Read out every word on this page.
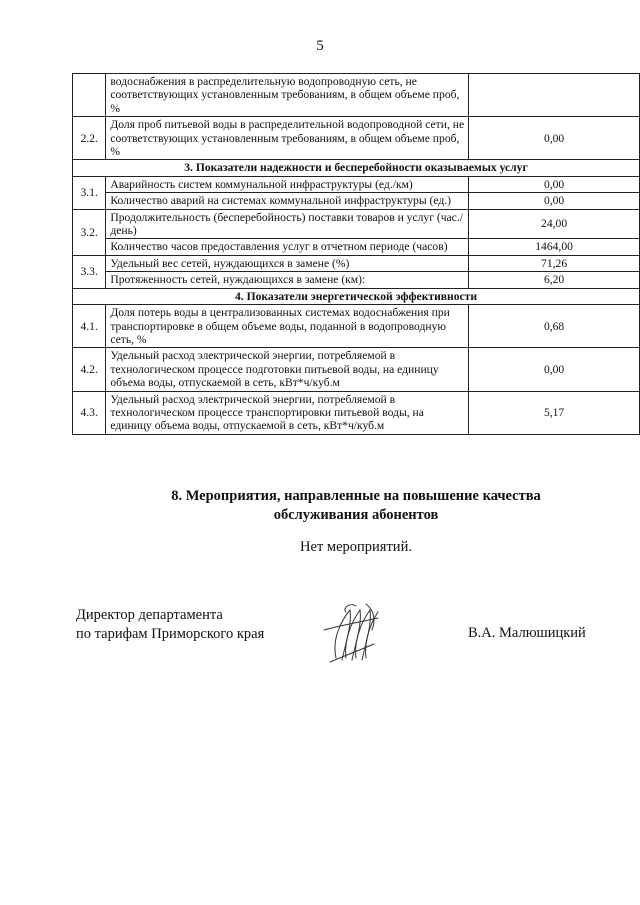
5
	водоснабжения в распределительную водопроводную сеть, не соответствующих установленным требованиям, в общем объеме проб, %	
2.2.	Доля проб питьевой воды в распределительной водопроводной сети, не соответствующих установленным требованиям, в общем объеме проб, %	0,00
3. Показатели надежности и бесперебойности оказываемых услуг		
3.1.	Аварийность систем коммунальной инфраструктуры (ед./км)	0,00
	Количество аварий на системах коммунальной инфраструктуры (ед.)	0,00
3.2.	Продолжительность (бесперебойность) поставки товаров и услуг (час./день)	24,00
	Количество часов предоставления услуг в отчетном периоде (часов)	1464,00
3.3.	Удельный вес сетей, нуждающихся в замене (%)	71,26
	Протяженность сетей, нуждающихся в замене (км):	6,20
4. Показатели энергетической эффективности		
4.1.	Доля потерь воды в централизованных системах водоснабжения при транспортировке в общем объеме воды, поданной в водопроводную сеть, %	0,68
4.2.	Удельный расход электрической энергии, потребляемой в технологическом процессе подготовки питьевой воды, на единицу объема воды, отпускаемой в сеть, кВт*ч/куб.м	0,00
4.3.	Удельный расход электрической энергии, потребляемой в технологическом процессе транспортировки питьевой воды, на единицу объема воды, отпускаемой в сеть, кВт*ч/куб.м	5,17
8. Мероприятия, направленные на повышение качества
обслуживания абонентов
Нет мероприятий.
Директор департамента
по тарифам Приморского края	В.А. Малюшицкий
